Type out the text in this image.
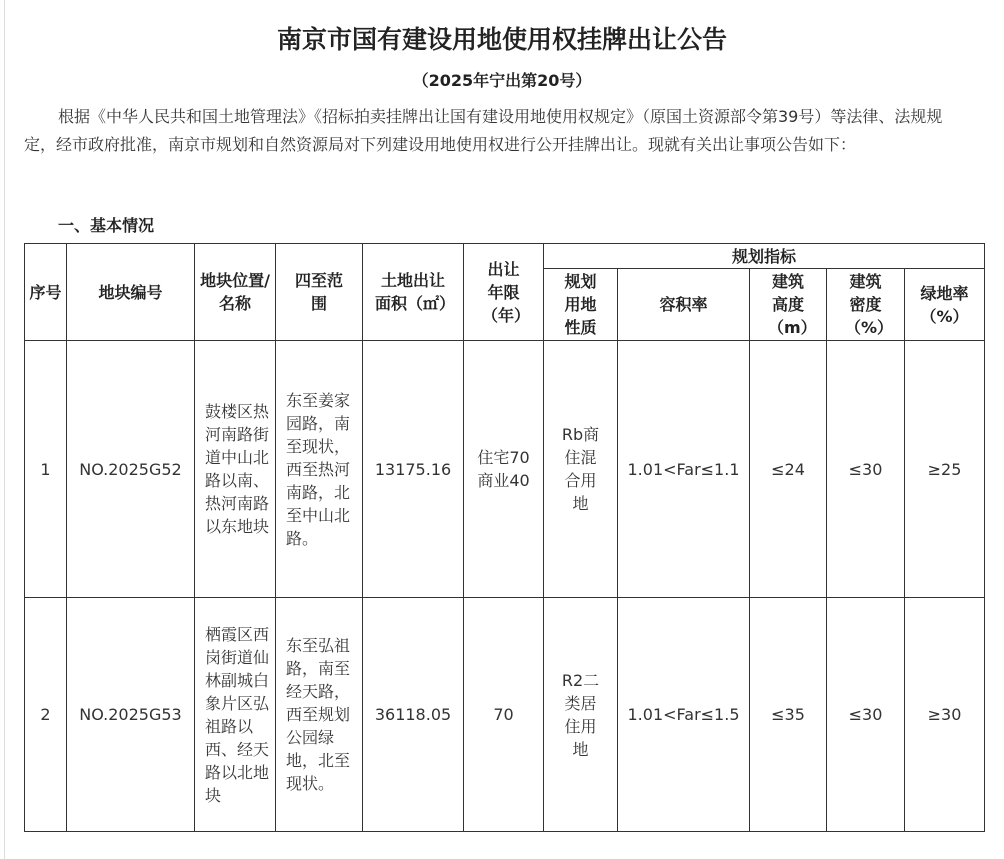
南京市国有建设用地使用权挂牌出让公告
（2025年宁出第20号）
根据《中华人民共和国土地管理法》《招标拍卖挂牌出让国有建设用地使用权规定》（原国土资源部令第39号）等法律、法规规定，经市政府批准，南京市规划和自然资源局对下列建设用地使用权进行公开挂牌出让。现就有关出让事项公告如下：
一、基本情况
序号	地块编号	地块位置/名称	四至范围	土地出让面积（㎡）	出让年限（年）	规划指标				
						规划用地性质	容积率	建筑高度（m）	建筑密度（%）	绿地率（%）
1	NO.2025G52	鼓楼区热河南路街道中山北路以南、热河南路以东地块	东至姜家园路，南至现状，西至热河南路，北至中山北路。	13175.16	住宅70商业40	Rb商住混合用地	1.01<Far≤1.1	≤24	≤30	≥25
2	NO.2025G53	栖霞区西岗街道仙林副城白象片区弘祖路以西、经天路以北地块	东至弘祖路，南至经天路，西至规划公园绿地，北至现状。	36118.05	70	R2二类居住用地	1.01<Far≤1.5	≤35	≤30	≥30
